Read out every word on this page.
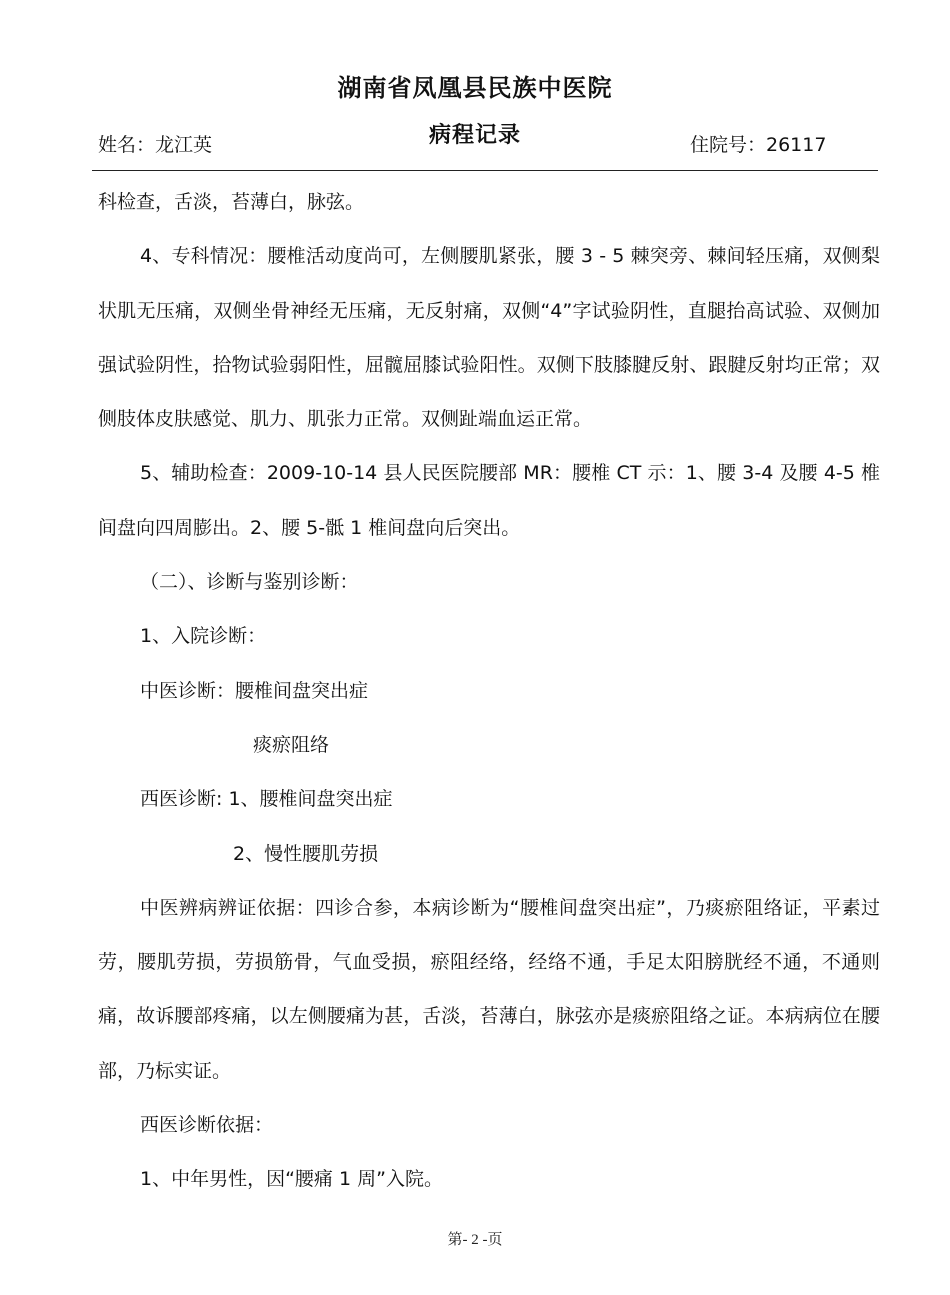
湖南省凤凰县民族中医院
病程记录
姓名：龙江英	住院号：26117

科检查，舌淡，苔薄白，脉弦。

4、专科情况：腰椎活动度尚可，左侧腰肌紧张，腰 3 - 5 棘突旁、棘间轻压痛，双侧梨状肌无压痛，双侧坐骨神经无压痛，无反射痛，双侧“4”字试验阴性，直腿抬高试验、双侧加强试验阴性，拾物试验弱阳性，屈髋屈膝试验阳性。双侧下肢膝腱反射、跟腱反射均正常；双侧肢体皮肤感觉、肌力、肌张力正常。双侧趾端血运正常。

5、辅助检查：2009-10-14 县人民医院腰部 MR：腰椎 CT 示：1、腰 3-4 及腰 4-5 椎间盘向四周膨出。2、腰 5-骶 1 椎间盘向后突出。

（二）、诊断与鉴别诊断：

1、入院诊断：

中医诊断：腰椎间盘突出症

痰瘀阻络

西医诊断: 1、腰椎间盘突出症

2、慢性腰肌劳损

中医辨病辨证依据：四诊合参，本病诊断为“腰椎间盘突出症”，乃痰瘀阻络证，平素过劳，腰肌劳损，劳损筋骨，气血受损，瘀阻经络，经络不通，手足太阳膀胱经不通，不通则痛，故诉腰部疼痛，以左侧腰痛为甚，舌淡，苔薄白，脉弦亦是痰瘀阻络之证。本病病位在腰部，乃标实证。

西医诊断依据：

1、中年男性，因“腰痛 1 周”入院。

第- 2 -页
